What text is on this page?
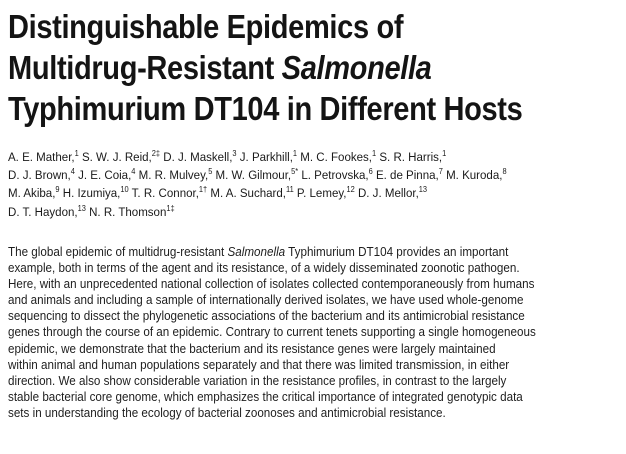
Distinguishable Epidemics of
Multidrug-Resistant Salmonella
Typhimurium DT104 in Different Hosts
A. E. Mather,$^1$ S. W. J. Reid,$^{2\ddagger}$ D. J. Maskell,$^3$ J. Parkhill,$^1$ M. C. Fookes,$^1$ S. R. Harris,$^1$
D. J. Brown,$^4$ J. E. Coia,$^4$ M. R. Mulvey,$^5$ M. W. Gilmour,$^{5*}$ L. Petrovska,$^6$ E. de Pinna,$^7$ M. Kuroda,$^8$
M. Akiba,$^9$ H. Izumiya,$^{10}$ T. R. Connor,$^{1\dagger}$ M. A. Suchard,$^{11}$ P. Lemey,$^{12}$ D. J. Mellor,$^{13}$
D. T. Haydon,$^{13}$ N. R. Thomson$^{1\ddagger}$
The global epidemic of multidrug-resistant Salmonella Typhimurium DT104 provides an important
example, both in terms of the agent and its resistance, of a widely disseminated zoonotic pathogen.
Here, with an unprecedented national collection of isolates collected contemporaneously from humans
and animals and including a sample of internationally derived isolates, we have used whole-genome
sequencing to dissect the phylogenetic associations of the bacterium and its antimicrobial resistance
genes through the course of an epidemic. Contrary to current tenets supporting a single homogeneous
epidemic, we demonstrate that the bacterium and its resistance genes were largely maintained
within animal and human populations separately and that there was limited transmission, in either
direction. We also show considerable variation in the resistance profiles, in contrast to the largely
stable bacterial core genome, which emphasizes the critical importance of integrated genotypic data
sets in understanding the ecology of bacterial zoonoses and antimicrobial resistance.
